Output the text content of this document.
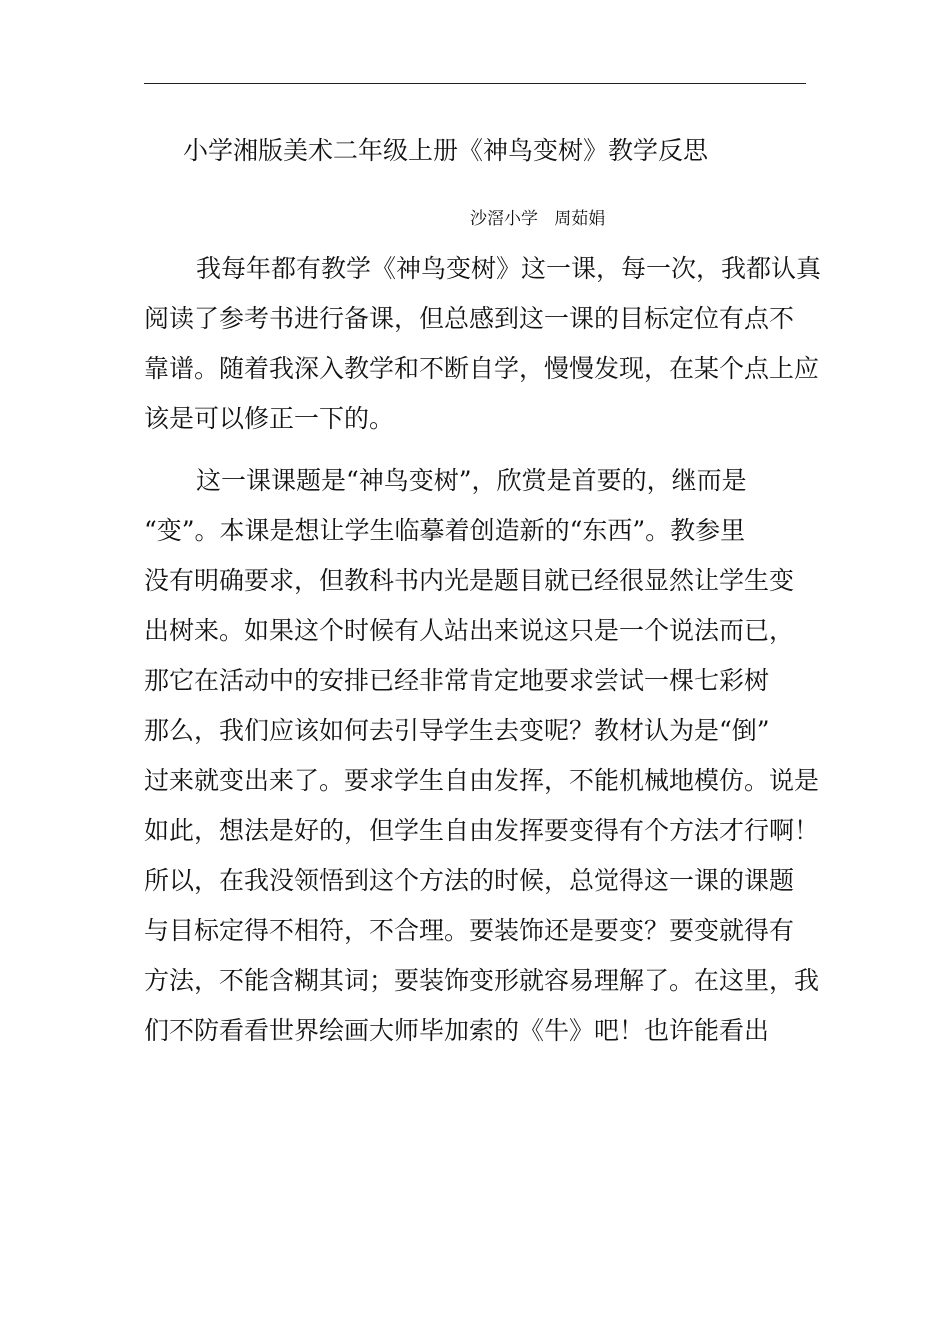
小学湘版美术二年级上册《神鸟变树》教学反思
沙滘小学   周茹娟
我每年都有教学《神鸟变树》这一课，每一次，我都认真
阅读了参考书进行备课，但总感到这一课的目标定位有点不
靠谱。随着我深入教学和不断自学，慢慢发现，在某个点上应
该是可以修正一下的。
这一课课题是“神鸟变树”，欣赏是首要的，继而是
“变”。本课是想让学生临摹着创造新的“东西”。教参里
没有明确要求，但教科书内光是题目就已经很显然让学生变
出树来。如果这个时候有人站出来说这只是一个说法而已，
那它在活动中的安排已经非常肯定地要求尝试一棵七彩树
那么，我们应该如何去引导学生去变呢？教材认为是“倒”
过来就变出来了。要求学生自由发挥，不能机械地模仿。说是
如此，想法是好的，但学生自由发挥要变得有个方法才行啊！
所以，在我没领悟到这个方法的时候，总觉得这一课的课题
与目标定得不相符，不合理。要装饰还是要变？要变就得有
方法，不能含糊其词；要装饰变形就容易理解了。在这里，我
们不防看看世界绘画大师毕加索的《牛》吧！也许能看出
